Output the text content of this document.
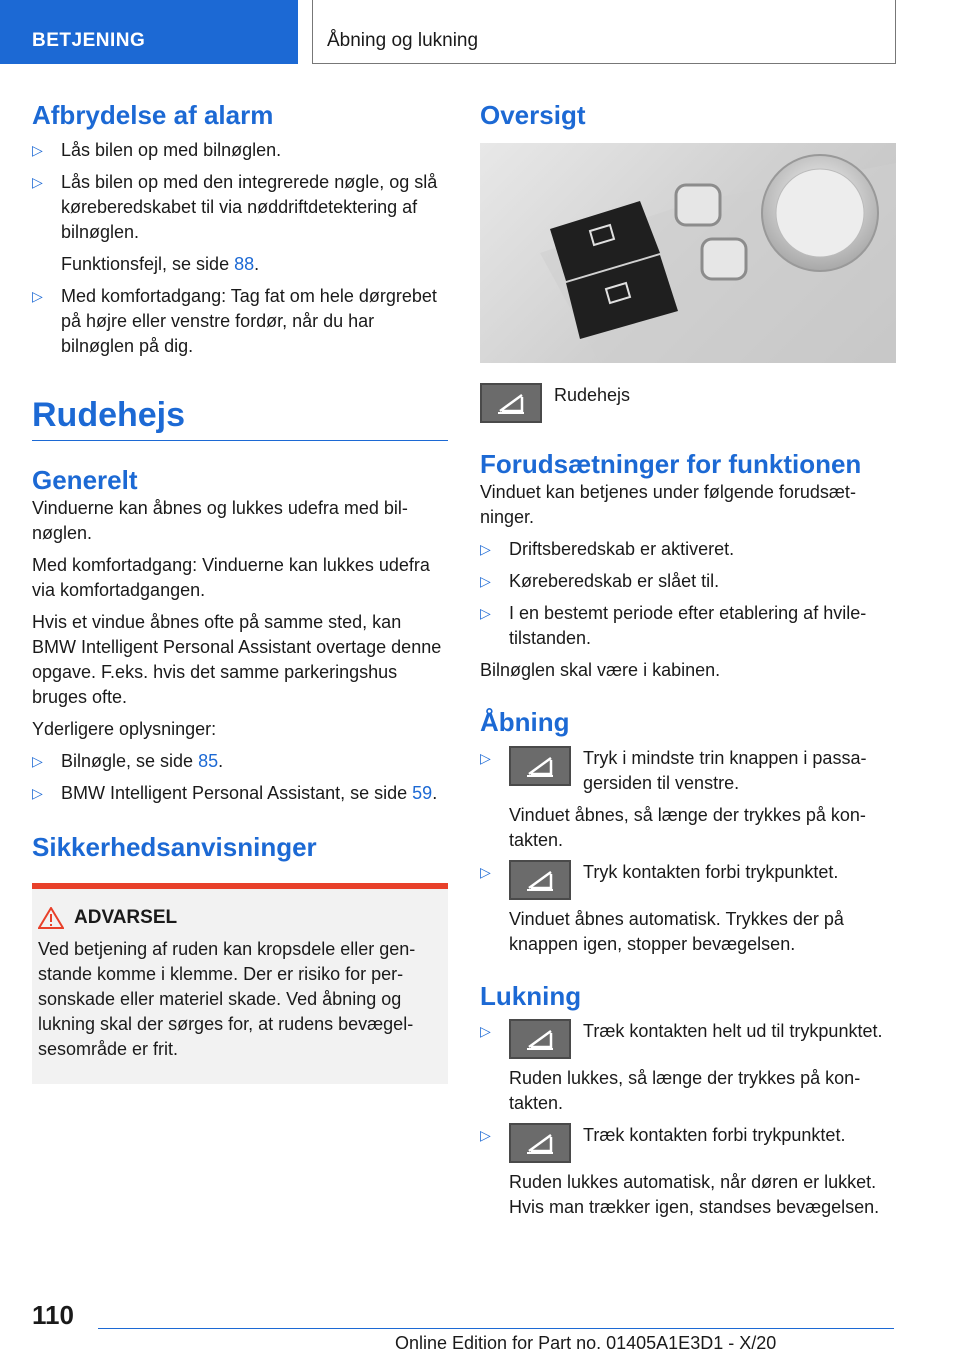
BETJENING	Åbning og lukning
Afbrydelse af alarm
▷ Lås bilen op med bilnøglen.
▷ Lås bilen op med den integrerede nøgle, og slå køreberedskabet til via nøddriftdetektering af bilnøglen.
Funktionsfejl, se side 88.
▷ Med komfortadgang: Tag fat om hele dørgrebet på højre eller venstre fordør, når du har bilnøglen på dig.
Rudehejs
Generelt

Vinduerne kan åbnes og lukkes udefra med bilnøglen.

Med komfortadgang: Vinduerne kan lukkes udefra via komfortadgangen.

Hvis et vindue åbnes ofte på samme sted, kan BMW Intelligent Personal Assistant overtage denne opgave. F.eks. hvis det samme parkeringshus bruges ofte.

Yderligere oplysninger:

▷ Bilnøgle, se side 85.
▷ BMW Intelligent Personal Assistant, se side 59.
Sikkerhedsanvisninger
ADVARSEL

Ved betjening af ruden kan kropsdele eller genstande komme i klemme. Der er risiko for personskade eller materiel skade. Ved åbning og lukning skal der sørges for, at rudens bevægelsesområde er frit.

Oversigt

Rudehejs

Forudsætninger for funktionen

Vinduet kan betjenes under følgende forudsætninger.

▷ Driftsberedskab er aktiveret.
▷ Køreberedskab er slået til.
▷ I en bestemt periode efter etablering af hviletilstanden.

Bilnøglen skal være i kabinen.

Åbning
▷	Tryk i mindste trin knappen i passagersiden til venstre.
Vinduet åbnes, så længe der trykkes på kontakten.
▷	Tryk kontakten forbi trykpunktet.
Vinduet åbnes automatisk. Trykkes der på knappen igen, stopper bevægelsen.
Lukning
▷	Træk kontakten helt ud til trykpunktet.
Ruden lukkes, så længe der trykkes på kontakten.
▷	Træk kontakten forbi trykpunktet.
Ruden lukkes automatisk, når døren er lukket. Hvis man trækker igen, standses bevægelsen.
110
Online Edition for Part no. 01405A1E3D1 - X/20
